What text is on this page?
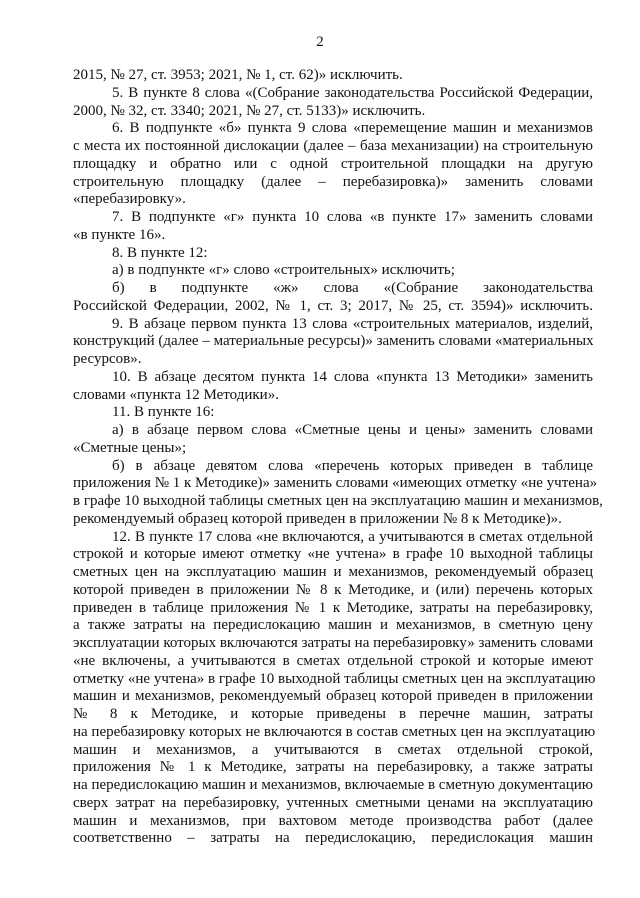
2
2015, № 27, ст. 3953; 2021, № 1, ст. 62)» исключить.
5. В пункте 8 слова «(Собрание законодательства Российской Федерации,
2000, № 32, ст. 3340; 2021, № 27, ст. 5133)» исключить.
6. В подпункте «б» пункта 9 слова «перемещение машин и механизмов
с места их постоянной дислокации (далее – база механизации) на строительную
площадку и обратно или с одной строительной площадки на другую
строительную площадку (далее – перебазировка)» заменить словами
«перебазировку».
7. В подпункте «г» пункта 10 слова «в пункте 17» заменить словами
«в пункте 16».
8. В пункте 12:
а) в подпункте «г» слово «строительных» исключить;
б) в подпункте «ж» слова «(Собрание законодательства
Российской Федерации, 2002, № 1, ст. 3; 2017, № 25, ст. 3594)» исключить.
9. В абзаце первом пункта 13 слова «строительных материалов, изделий,
конструкций (далее – материальные ресурсы)» заменить словами «материальных
ресурсов».
10. В абзаце десятом пункта 14 слова «пункта 13 Методики» заменить
словами «пункта 12 Методики».
11. В пункте 16:
а) в абзаце первом слова «Сметные цены и цены» заменить словами
«Сметные цены»;
б) в абзаце девятом слова «перечень которых приведен в таблице
приложения № 1 к Методике)» заменить словами «имеющих отметку «не учтена»
в графе 10 выходной таблицы сметных цен на эксплуатацию машин и механизмов,
рекомендуемый образец которой приведен в приложении № 8 к Методике)».
12. В пункте 17 слова «не включаются, а учитываются в сметах отдельной
строкой и которые имеют отметку «не учтена» в графе 10 выходной таблицы
сметных цен на эксплуатацию машин и механизмов, рекомендуемый образец
которой приведен в приложении № 8 к Методике, и (или) перечень которых
приведен в таблице приложения № 1 к Методике, затраты на перебазировку,
а также затраты на передислокацию машин и механизмов, в сметную цену
эксплуатации которых включаются затраты на перебазировку» заменить словами
«не включены, а учитываются в сметах отдельной строкой и которые имеют
отметку «не учтена» в графе 10 выходной таблицы сметных цен на эксплуатацию
машин и механизмов, рекомендуемый образец которой приведен в приложении
№ 8 к Методике, и которые приведены в перечне машин, затраты
на перебазировку которых не включаются в состав сметных цен на эксплуатацию
машин и механизмов, а учитываются в сметах отдельной строкой,
приложения № 1 к Методике, затраты на перебазировку, а также затраты
на передислокацию машин и механизмов, включаемые в сметную документацию
сверх затрат на перебазировку, учтенных сметными ценами на эксплуатацию
машин и механизмов, при вахтовом методе производства работ (далее
соответственно – затраты на передислокацию, передислокация машин
